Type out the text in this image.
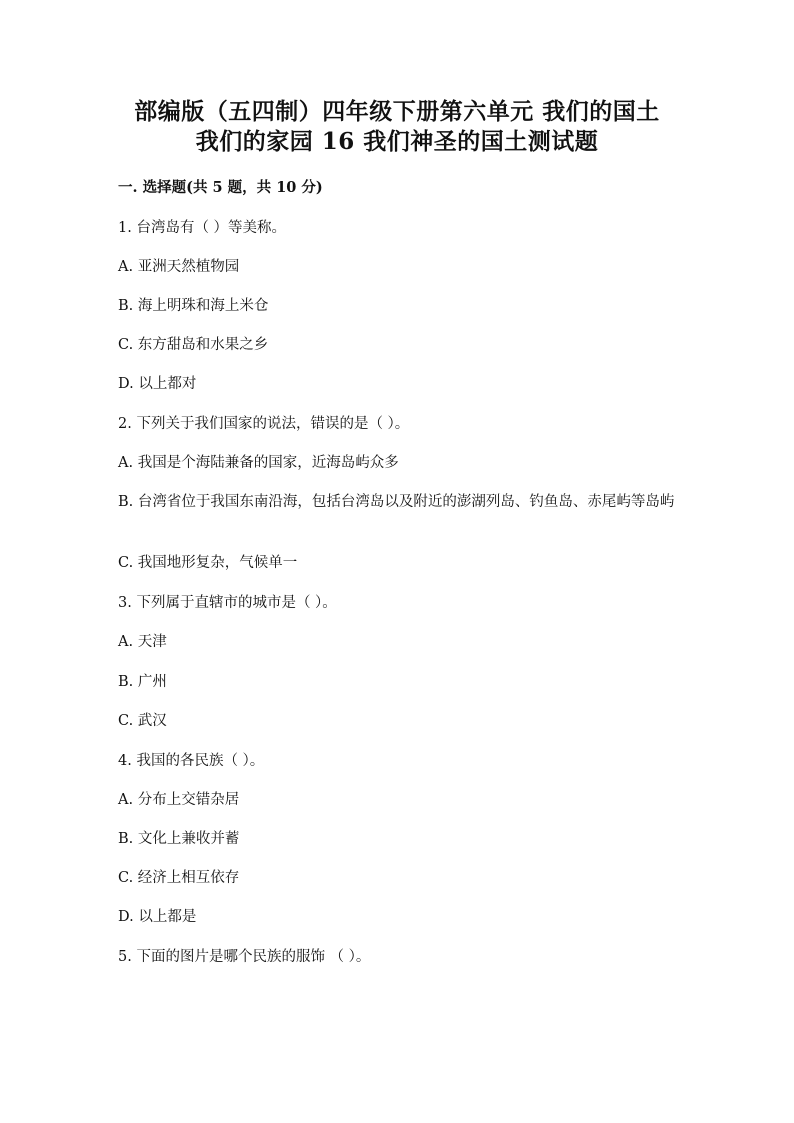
部编版（五四制）四年级下册第六单元 我们的国土
我们的家园 16 我们神圣的国土测试题
一. 选择题(共 5 题，共 10 分)
1. 台湾岛有（ ）等美称。
A. 亚洲天然植物园
B. 海上明珠和海上米仓
C. 东方甜岛和水果之乡
D. 以上都对
2. 下列关于我们国家的说法，错误的是（ ）。
A. 我国是个海陆兼备的国家，近海岛屿众多
B. 台湾省位于我国东南沿海，包括台湾岛以及附近的澎湖列岛、钓鱼岛、赤尾屿等岛屿
C. 我国地形复杂，气候单一
3. 下列属于直辖市的城市是（ ）。
A. 天津
B. 广州
C. 武汉
4. 我国的各民族（ ）。
A. 分布上交错杂居
B. 文化上兼收并蓄
C. 经济上相互依存
D. 以上都是
5. 下面的图片是哪个民族的服饰 （ ）。
